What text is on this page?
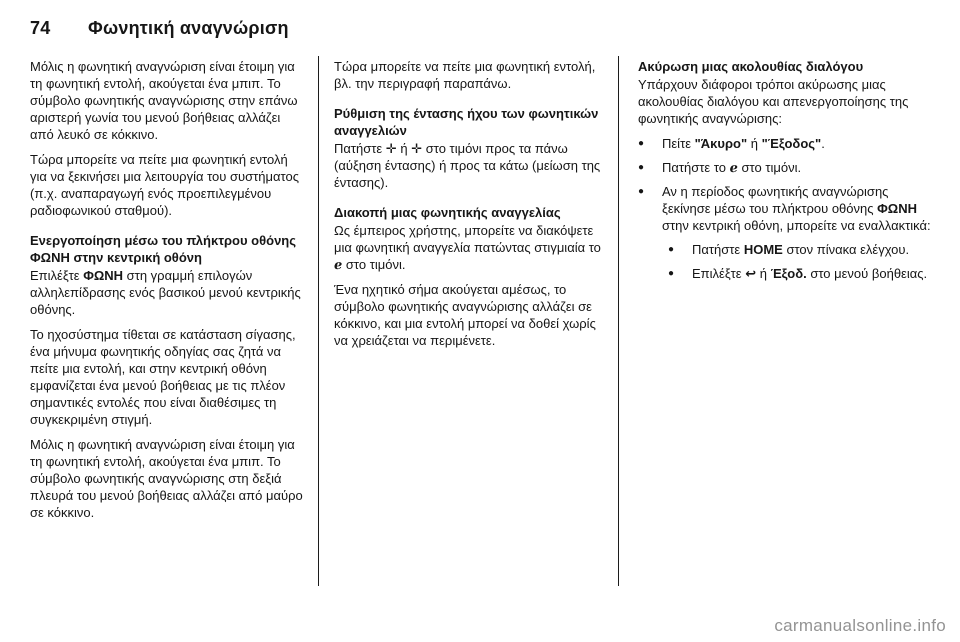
74 Φωνητική αναγνώριση

Μόλις η φωνητική αναγνώριση είναι έτοιμη για τη φωνητική εντολή, ακούγεται ένα μπιπ. Το σύμβολο φωνητικής αναγνώρισης στην επάνω αριστερή γωνία του μενού βοήθειας αλλάζει από λευκό σε κόκκινο.

Τώρα μπορείτε να πείτε μια φωνητική εντολή για να ξεκινήσει μια λειτουργία του συστήματος (π.χ. αναπαραγωγή ενός προεπιλεγμένου ραδιοφωνικού σταθμού).

Ενεργοποίηση μέσω του πλήκτρου οθόνης ΦΩΝΗ στην κεντρική οθόνη

Επιλέξτε ΦΩΝΗ στη γραμμή επιλογών αλληλεπίδρασης ενός βασικού μενού κεντρικής οθόνης.

Το ηχοσύστημα τίθεται σε κατάσταση σίγασης, ένα μήνυμα φωνητικής οδηγίας σας ζητά να πείτε μια εντολή, και στην κεντρική οθόνη εμφανίζεται ένα μενού βοήθειας με τις πλέον σημαντικές εντολές που είναι διαθέσιμες τη συγκεκριμένη στιγμή.

Μόλις η φωνητική αναγνώριση είναι έτοιμη για τη φωνητική εντολή, ακούγεται ένα μπιπ. Το σύμβολο φωνητικής αναγνώρισης στη δεξιά πλευρά του μενού βοήθειας αλλάζει από μαύρο σε κόκκινο.

Τώρα μπορείτε να πείτε μια φωνητική εντολή, βλ. την περιγραφή παραπάνω.

Ρύθμιση της έντασης ήχου των φωνητικών αναγγελιών

Πατήστε ✛ ή ✛ στο τιμόνι προς τα πάνω (αύξηση έντασης) ή προς τα κάτω (μείωση της έντασης).

Διακοπή μιας φωνητικής αναγγελίας

Ως έμπειρος χρήστης, μπορείτε να διακόψετε μια φωνητική αναγγελία πατώντας στιγμιαία το ℯ στο τιμόνι.

Ένα ηχητικό σήμα ακούγεται αμέσως, το σύμβολο φωνητικής αναγνώρισης αλλάζει σε κόκκινο, και μια εντολή μπορεί να δοθεί χωρίς να χρειάζεται να περιμένετε.

Ακύρωση μιας ακολουθίας διαλόγου

Υπάρχουν διάφοροι τρόποι ακύρωσης μιας ακολουθίας διαλόγου και απενεργοποίησης της φωνητικής αναγνώρισης:

●	Πείτε "Άκυρο" ή "Έξοδος".
●	Πατήστε το ℯ στο τιμόνι.
●	Αν η περίοδος φωνητικής αναγνώρισης ξεκίνησε μέσω του πλήκτρου οθόνης ΦΩΝΗ στην κεντρική οθόνη, μπορείτε να εναλλακτικά:
●	Πατήστε HOME στον πίνακα ελέγχου.
●	Επιλέξτε ↩ ή Έξοδ. στο μενού βοήθειας.
carmanualsonline.info
